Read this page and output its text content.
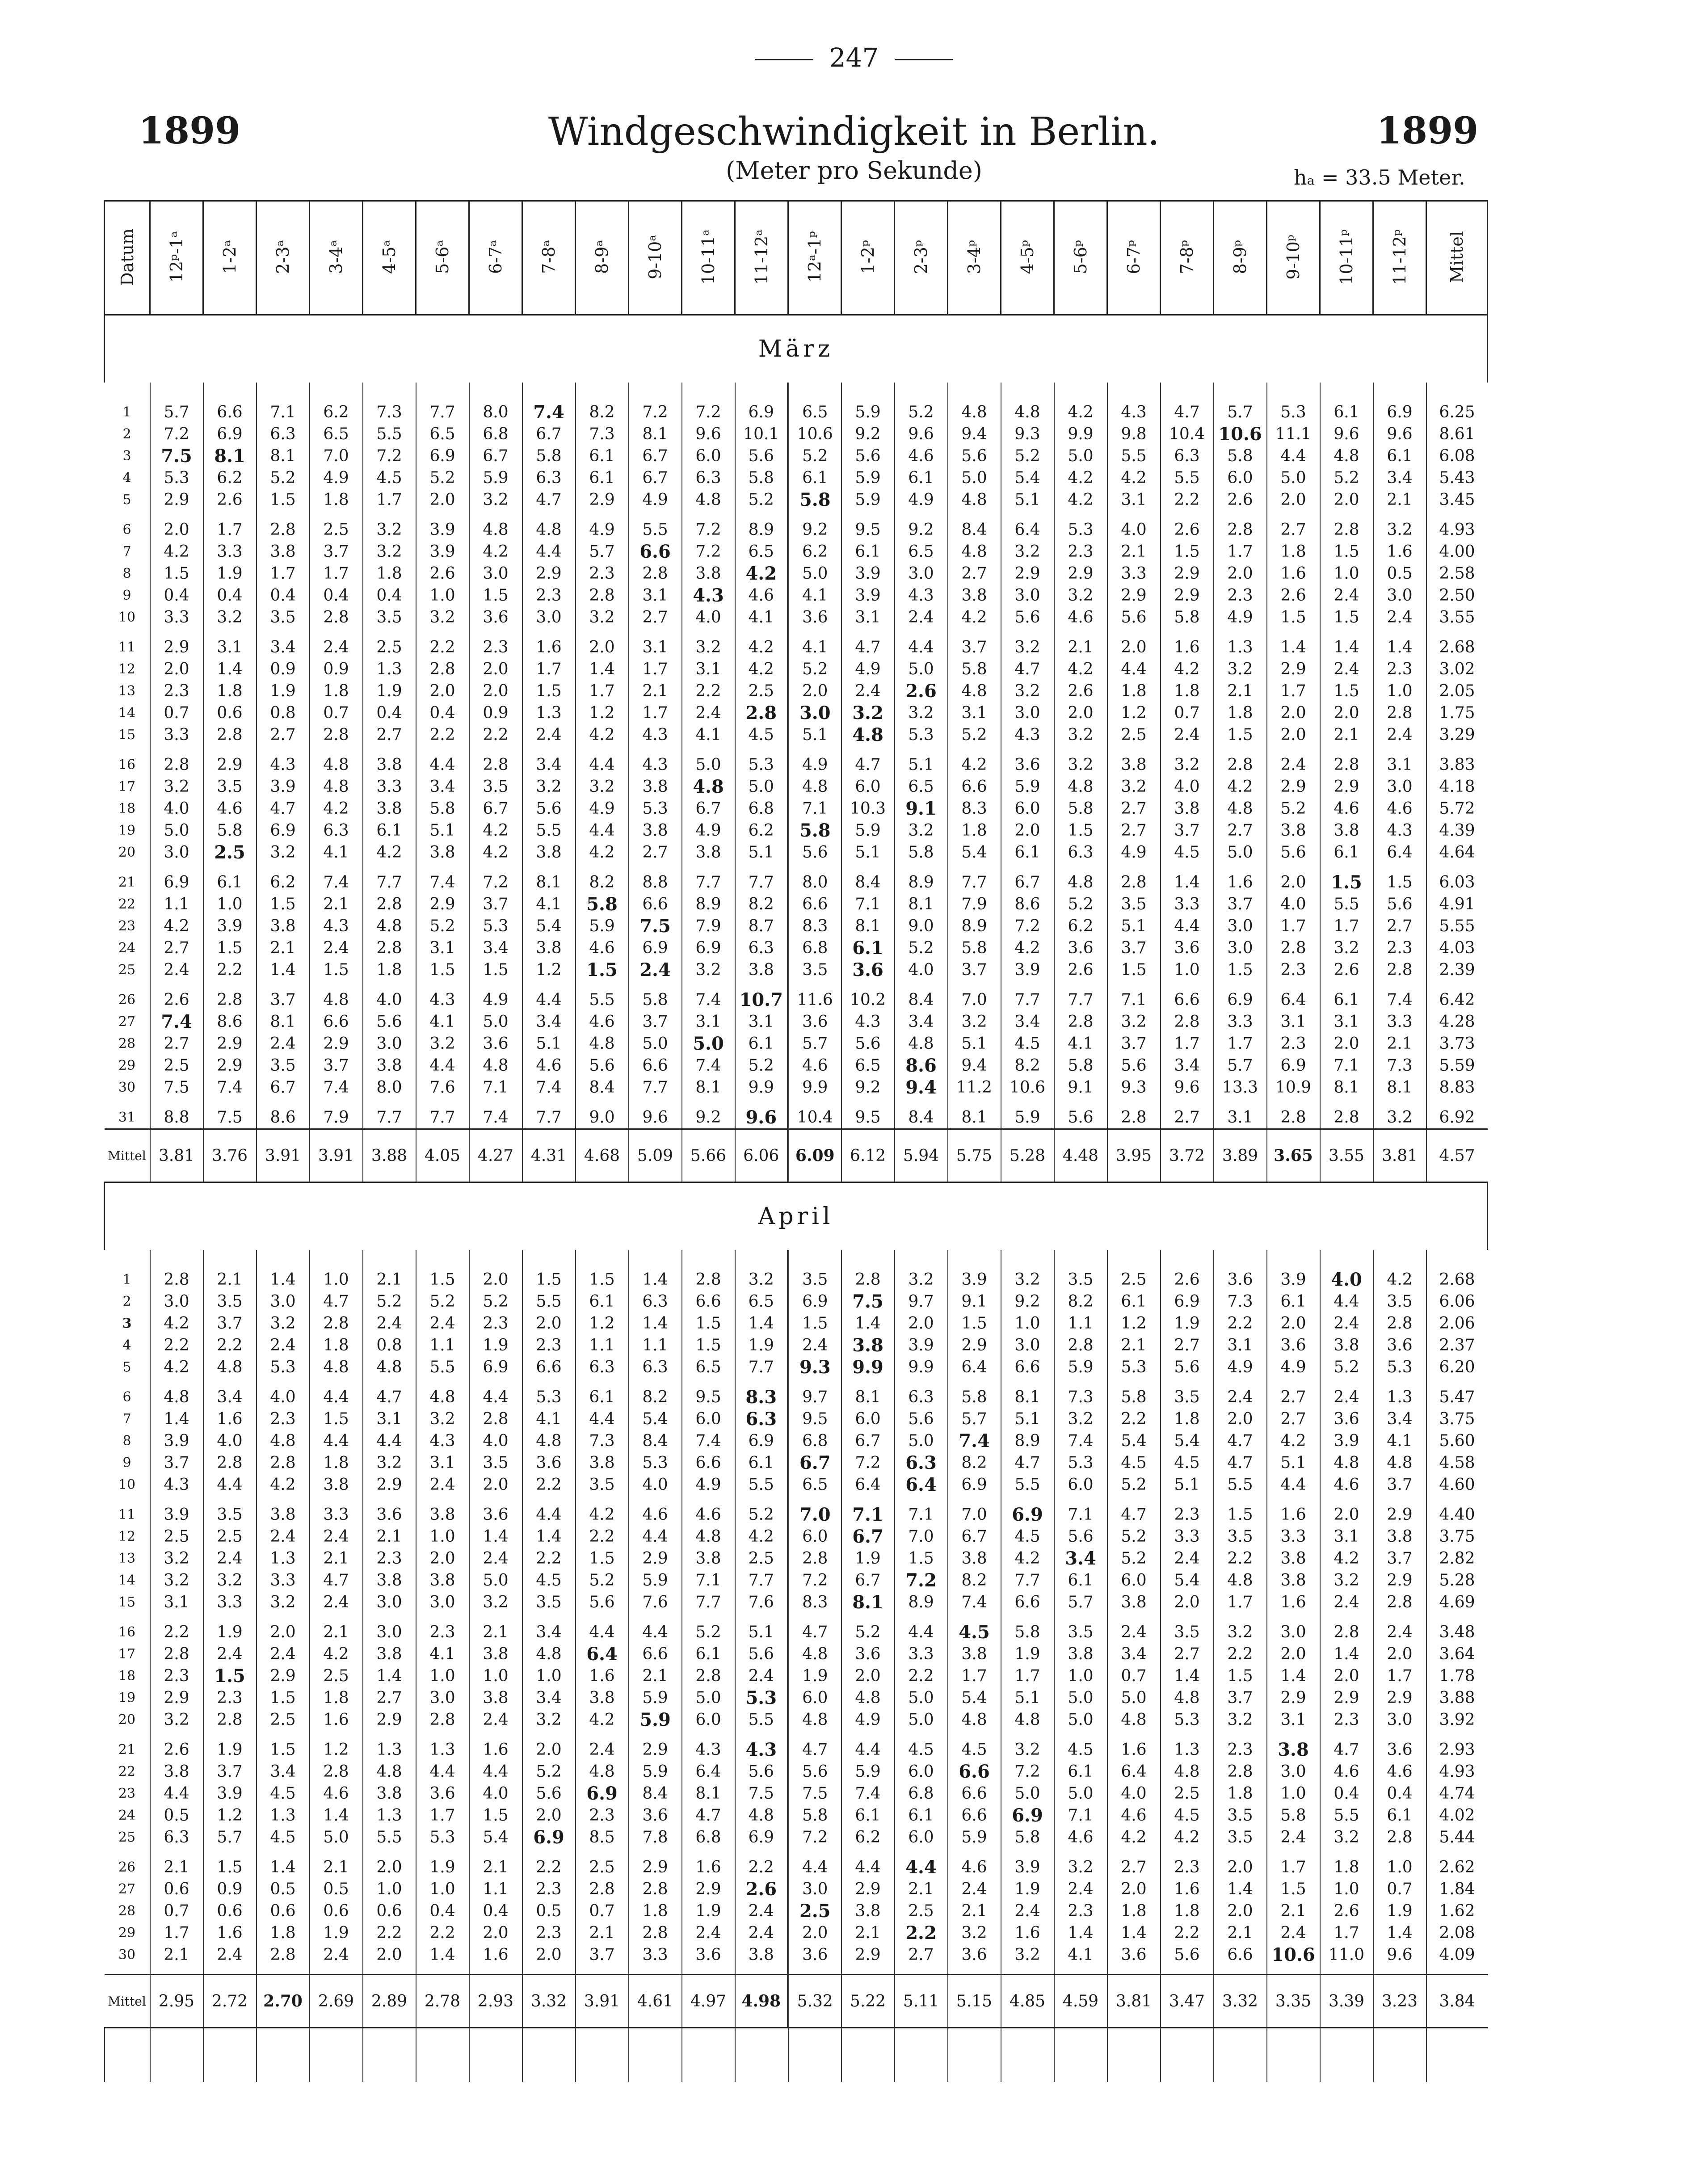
247
1899	Windgeschwindigkeit in Berlin.	1899
(Meter pro Sekunde)	hₐ = 33.5 Meter.
Datum	12ᵖ-1ᵃ	1-2ᵃ	2-3ᵃ	3-4ᵃ	4-5ᵃ	5-6ᵃ	6-7ᵃ	7-8ᵃ	8-9ᵃ	9-10ᵃ	10-11ᵃ	11-12ᵃ	12ᵃ-1ᵖ	1-2ᵖ	2-3ᵖ	3-4ᵖ	4-5ᵖ	5-6ᵖ	6-7ᵖ	7-8ᵖ	8-9ᵖ	9-10ᵖ	10-11ᵖ	11-12ᵖ	Mittel
März																									

1	5.7	6.6	7.1	6.2	7.3	7.7	8.0	7.4	8.2	7.2	7.2	6.9	6.5	5.9	5.2	4.8	4.8	4.2	4.3	4.7	5.7	5.3	6.1	6.9	6.25
2	7.2	6.9	6.3	6.5	5.5	6.5	6.8	6.7	7.3	8.1	9.6	10.1	10.6	9.2	9.6	9.4	9.3	9.9	9.8	10.4	10.6	11.1	9.6	9.6	8.61
3	7.5	8.1	8.1	7.0	7.2	6.9	6.7	5.8	6.1	6.7	6.0	5.6	5.2	5.6	4.6	5.6	5.2	5.0	5.5	6.3	5.8	4.4	4.8	6.1	6.08
4	5.3	6.2	5.2	4.9	4.5	5.2	5.9	6.3	6.1	6.7	6.3	5.8	6.1	5.9	6.1	5.0	5.4	4.2	4.2	5.5	6.0	5.0	5.2	3.4	5.43
5	2.9	2.6	1.5	1.8	1.7	2.0	3.2	4.7	2.9	4.9	4.8	5.2	5.8	5.9	4.9	4.8	5.1	4.2	3.1	2.2	2.6	2.0	2.0	2.1	3.45
6	2.0	1.7	2.8	2.5	3.2	3.9	4.8	4.8	4.9	5.5	7.2	8.9	9.2	9.5	9.2	8.4	6.4	5.3	4.0	2.6	2.8	2.7	2.8	3.2	4.93
7	4.2	3.3	3.8	3.7	3.2	3.9	4.2	4.4	5.7	6.6	7.2	6.5	6.2	6.1	6.5	4.8	3.2	2.3	2.1	1.5	1.7	1.8	1.5	1.6	4.00
8	1.5	1.9	1.7	1.7	1.8	2.6	3.0	2.9	2.3	2.8	3.8	4.2	5.0	3.9	3.0	2.7	2.9	2.9	3.3	2.9	2.0	1.6	1.0	0.5	2.58
9	0.4	0.4	0.4	0.4	0.4	1.0	1.5	2.3	2.8	3.1	4.3	4.6	4.1	3.9	4.3	3.8	3.0	3.2	2.9	2.9	2.3	2.6	2.4	3.0	2.50
10	3.3	3.2	3.5	2.8	3.5	3.2	3.6	3.0	3.2	2.7	4.0	4.1	3.6	3.1	2.4	4.2	5.6	4.6	5.6	5.8	4.9	1.5	1.5	2.4	3.55
11	2.9	3.1	3.4	2.4	2.5	2.2	2.3	1.6	2.0	3.1	3.2	4.2	4.1	4.7	4.4	3.7	3.2	2.1	2.0	1.6	1.3	1.4	1.4	1.4	2.68
12	2.0	1.4	0.9	0.9	1.3	2.8	2.0	1.7	1.4	1.7	3.1	4.2	5.2	4.9	5.0	5.8	4.7	4.2	4.4	4.2	3.2	2.9	2.4	2.3	3.02
13	2.3	1.8	1.9	1.8	1.9	2.0	2.0	1.5	1.7	2.1	2.2	2.5	2.0	2.4	2.6	4.8	3.2	2.6	1.8	1.8	2.1	1.7	1.5	1.0	2.05
14	0.7	0.6	0.8	0.7	0.4	0.4	0.9	1.3	1.2	1.7	2.4	2.8	3.0	3.2	3.2	3.1	3.0	2.0	1.2	0.7	1.8	2.0	2.0	2.8	1.75
15	3.3	2.8	2.7	2.8	2.7	2.2	2.2	2.4	4.2	4.3	4.1	4.5	5.1	4.8	5.3	5.2	4.3	3.2	2.5	2.4	1.5	2.0	2.1	2.4	3.29
16	2.8	2.9	4.3	4.8	3.8	4.4	2.8	3.4	4.4	4.3	5.0	5.3	4.9	4.7	5.1	4.2	3.6	3.2	3.8	3.2	2.8	2.4	2.8	3.1	3.83
17	3.2	3.5	3.9	4.8	3.3	3.4	3.5	3.2	3.2	3.8	4.8	5.0	4.8	6.0	6.5	6.6	5.9	4.8	3.2	4.0	4.2	2.9	2.9	3.0	4.18
18	4.0	4.6	4.7	4.2	3.8	5.8	6.7	5.6	4.9	5.3	6.7	6.8	7.1	10.3	9.1	8.3	6.0	5.8	2.7	3.8	4.8	5.2	4.6	4.6	5.72
19	5.0	5.8	6.9	6.3	6.1	5.1	4.2	5.5	4.4	3.8	4.9	6.2	5.8	5.9	3.2	1.8	2.0	1.5	2.7	3.7	2.7	3.8	3.8	4.3	4.39
20	3.0	2.5	3.2	4.1	4.2	3.8	4.2	3.8	4.2	2.7	3.8	5.1	5.6	5.1	5.8	5.4	6.1	6.3	4.9	4.5	5.0	5.6	6.1	6.4	4.64
21	6.9	6.1	6.2	7.4	7.7	7.4	7.2	8.1	8.2	8.8	7.7	7.7	8.0	8.4	8.9	7.7	6.7	4.8	2.8	1.4	1.6	2.0	1.5	1.5	6.03
22	1.1	1.0	1.5	2.1	2.8	2.9	3.7	4.1	5.8	6.6	8.9	8.2	6.6	7.1	8.1	7.9	8.6	5.2	3.5	3.3	3.7	4.0	5.5	5.6	4.91
23	4.2	3.9	3.8	4.3	4.8	5.2	5.3	5.4	5.9	7.5	7.9	8.7	8.3	8.1	9.0	8.9	7.2	6.2	5.1	4.4	3.0	1.7	1.7	2.7	5.55
24	2.7	1.5	2.1	2.4	2.8	3.1	3.4	3.8	4.6	6.9	6.9	6.3	6.8	6.1	5.2	5.8	4.2	3.6	3.7	3.6	3.0	2.8	3.2	2.3	4.03
25	2.4	2.2	1.4	1.5	1.8	1.5	1.5	1.2	1.5	2.4	3.2	3.8	3.5	3.6	4.0	3.7	3.9	2.6	1.5	1.0	1.5	2.3	2.6	2.8	2.39
26	2.6	2.8	3.7	4.8	4.0	4.3	4.9	4.4	5.5	5.8	7.4	10.7	11.6	10.2	8.4	7.0	7.7	7.7	7.1	6.6	6.9	6.4	6.1	7.4	6.42
27	7.4	8.6	8.1	6.6	5.6	4.1	5.0	3.4	4.6	3.7	3.1	3.1	3.6	4.3	3.4	3.2	3.4	2.8	3.2	2.8	3.3	3.1	3.1	3.3	4.28
28	2.7	2.9	2.4	2.9	3.0	3.2	3.6	5.1	4.8	5.0	5.0	6.1	5.7	5.6	4.8	5.1	4.5	4.1	3.7	1.7	1.7	2.3	2.0	2.1	3.73
29	2.5	2.9	3.5	3.7	3.8	4.4	4.8	4.6	5.6	6.6	7.4	5.2	4.6	6.5	8.6	9.4	8.2	5.8	5.6	3.4	5.7	6.9	7.1	7.3	5.59
30	7.5	7.4	6.7	7.4	8.0	7.6	7.1	7.4	8.4	7.7	8.1	9.9	9.9	9.2	9.4	11.2	10.6	9.1	9.3	9.6	13.3	10.9	8.1	8.1	8.83
31	8.8	7.5	8.6	7.9	7.7	7.7	7.4	7.7	9.0	9.6	9.2	9.6	10.4	9.5	8.4	8.1	5.9	5.6	2.8	2.7	3.1	2.8	2.8	3.2	6.92
Mittel	3.81	3.76	3.91	3.91	3.88	4.05	4.27	4.31	4.68	5.09	5.66	6.06	6.09	6.12	5.94	5.75	5.28	4.48	3.95	3.72	3.89	3.65	3.55	3.81	4.57
April																									

1	2.8	2.1	1.4	1.0	2.1	1.5	2.0	1.5	1.5	1.4	2.8	3.2	3.5	2.8	3.2	3.9	3.2	3.5	2.5	2.6	3.6	3.9	4.0	4.2	2.68
2	3.0	3.5	3.0	4.7	5.2	5.2	5.2	5.5	6.1	6.3	6.6	6.5	6.9	7.5	9.7	9.1	9.2	8.2	6.1	6.9	7.3	6.1	4.4	3.5	6.06
3	4.2	3.7	3.2	2.8	2.4	2.4	2.3	2.0	1.2	1.4	1.5	1.4	1.5	1.4	2.0	1.5	1.0	1.1	1.2	1.9	2.2	2.0	2.4	2.8	2.06
4	2.2	2.2	2.4	1.8	0.8	1.1	1.9	2.3	1.1	1.1	1.5	1.9	2.4	3.8	3.9	2.9	3.0	2.8	2.1	2.7	3.1	3.6	3.8	3.6	2.37
5	4.2	4.8	5.3	4.8	4.8	5.5	6.9	6.6	6.3	6.3	6.5	7.7	9.3	9.9	9.9	6.4	6.6	5.9	5.3	5.6	4.9	4.9	5.2	5.3	6.20
6	4.8	3.4	4.0	4.4	4.7	4.8	4.4	5.3	6.1	8.2	9.5	8.3	9.7	8.1	6.3	5.8	8.1	7.3	5.8	3.5	2.4	2.7	2.4	1.3	5.47
7	1.4	1.6	2.3	1.5	3.1	3.2	2.8	4.1	4.4	5.4	6.0	6.3	9.5	6.0	5.6	5.7	5.1	3.2	2.2	1.8	2.0	2.7	3.6	3.4	3.75
8	3.9	4.0	4.8	4.4	4.4	4.3	4.0	4.8	7.3	8.4	7.4	6.9	6.8	6.7	5.0	7.4	8.9	7.4	5.4	5.4	4.7	4.2	3.9	4.1	5.60
9	3.7	2.8	2.8	1.8	3.2	3.1	3.5	3.6	3.8	5.3	6.6	6.1	6.7	7.2	6.3	8.2	4.7	5.3	4.5	4.5	4.7	5.1	4.8	4.8	4.58
10	4.3	4.4	4.2	3.8	2.9	2.4	2.0	2.2	3.5	4.0	4.9	5.5	6.5	6.4	6.4	6.9	5.5	6.0	5.2	5.1	5.5	4.4	4.6	3.7	4.60
11	3.9	3.5	3.8	3.3	3.6	3.8	3.6	4.4	4.2	4.6	4.6	5.2	7.0	7.1	7.1	7.0	6.9	7.1	4.7	2.3	1.5	1.6	2.0	2.9	4.40
12	2.5	2.5	2.4	2.4	2.1	1.0	1.4	1.4	2.2	4.4	4.8	4.2	6.0	6.7	7.0	6.7	4.5	5.6	5.2	3.3	3.5	3.3	3.1	3.8	3.75
13	3.2	2.4	1.3	2.1	2.3	2.0	2.4	2.2	1.5	2.9	3.8	2.5	2.8	1.9	1.5	3.8	4.2	3.4	5.2	2.4	2.2	3.8	4.2	3.7	2.82
14	3.2	3.2	3.3	4.7	3.8	3.8	5.0	4.5	5.2	5.9	7.1	7.7	7.2	6.7	7.2	8.2	7.7	6.1	6.0	5.4	4.8	3.8	3.2	2.9	5.28
15	3.1	3.3	3.2	2.4	3.0	3.0	3.2	3.5	5.6	7.6	7.7	7.6	8.3	8.1	8.9	7.4	6.6	5.7	3.8	2.0	1.7	1.6	2.4	2.8	4.69
16	2.2	1.9	2.0	2.1	3.0	2.3	2.1	3.4	4.4	4.4	5.2	5.1	4.7	5.2	4.4	4.5	5.8	3.5	2.4	3.5	3.2	3.0	2.8	2.4	3.48
17	2.8	2.4	2.4	4.2	3.8	4.1	3.8	4.8	6.4	6.6	6.1	5.6	4.8	3.6	3.3	3.8	1.9	3.8	3.4	2.7	2.2	2.0	1.4	2.0	3.64
18	2.3	1.5	2.9	2.5	1.4	1.0	1.0	1.0	1.6	2.1	2.8	2.4	1.9	2.0	2.2	1.7	1.7	1.0	0.7	1.4	1.5	1.4	2.0	1.7	1.78
19	2.9	2.3	1.5	1.8	2.7	3.0	3.8	3.4	3.8	5.9	5.0	5.3	6.0	4.8	5.0	5.4	5.1	5.0	5.0	4.8	3.7	2.9	2.9	2.9	3.88
20	3.2	2.8	2.5	1.6	2.9	2.8	2.4	3.2	4.2	5.9	6.0	5.5	4.8	4.9	5.0	4.8	4.8	5.0	4.8	5.3	3.2	3.1	2.3	3.0	3.92
21	2.6	1.9	1.5	1.2	1.3	1.3	1.6	2.0	2.4	2.9	4.3	4.3	4.7	4.4	4.5	4.5	3.2	4.5	1.6	1.3	2.3	3.8	4.7	3.6	2.93
22	3.8	3.7	3.4	2.8	4.8	4.4	4.4	5.2	4.8	5.9	6.4	5.6	5.6	5.9	6.0	6.6	7.2	6.1	6.4	4.8	2.8	3.0	4.6	4.6	4.93
23	4.4	3.9	4.5	4.6	3.8	3.6	4.0	5.6	6.9	8.4	8.1	7.5	7.5	7.4	6.8	6.6	5.0	5.0	4.0	2.5	1.8	1.0	0.4	0.4	4.74
24	0.5	1.2	1.3	1.4	1.3	1.7	1.5	2.0	2.3	3.6	4.7	4.8	5.8	6.1	6.1	6.6	6.9	7.1	4.6	4.5	3.5	5.8	5.5	6.1	4.02
25	6.3	5.7	4.5	5.0	5.5	5.3	5.4	6.9	8.5	7.8	6.8	6.9	7.2	6.2	6.0	5.9	5.8	4.6	4.2	4.2	3.5	2.4	3.2	2.8	5.44
26	2.1	1.5	1.4	2.1	2.0	1.9	2.1	2.2	2.5	2.9	1.6	2.2	4.4	4.4	4.4	4.6	3.9	3.2	2.7	2.3	2.0	1.7	1.8	1.0	2.62
27	0.6	0.9	0.5	0.5	1.0	1.0	1.1	2.3	2.8	2.8	2.9	2.6	3.0	2.9	2.1	2.4	1.9	2.4	2.0	1.6	1.4	1.5	1.0	0.7	1.84
28	0.7	0.6	0.6	0.6	0.6	0.4	0.4	0.5	0.7	1.8	1.9	2.4	2.5	3.8	2.5	2.1	2.4	2.3	1.8	1.8	2.0	2.1	2.6	1.9	1.62
29	1.7	1.6	1.8	1.9	2.2	2.2	2.0	2.3	2.1	2.8	2.4	2.4	2.0	2.1	2.2	3.2	1.6	1.4	1.4	2.2	2.1	2.4	1.7	1.4	2.08
30	2.1	2.4	2.8	2.4	2.0	1.4	1.6	2.0	3.7	3.3	3.6	3.8	3.6	2.9	2.7	3.6	3.2	4.1	3.6	5.6	6.6	10.6	11.0	9.6	4.09
Mittel	2.95	2.72	2.70	2.69	2.89	2.78	2.93	3.32	3.91	4.61	4.97	4.98	5.32	5.22	5.11	5.15	4.85	4.59	3.81	3.47	3.32	3.35	3.39	3.23	3.84
